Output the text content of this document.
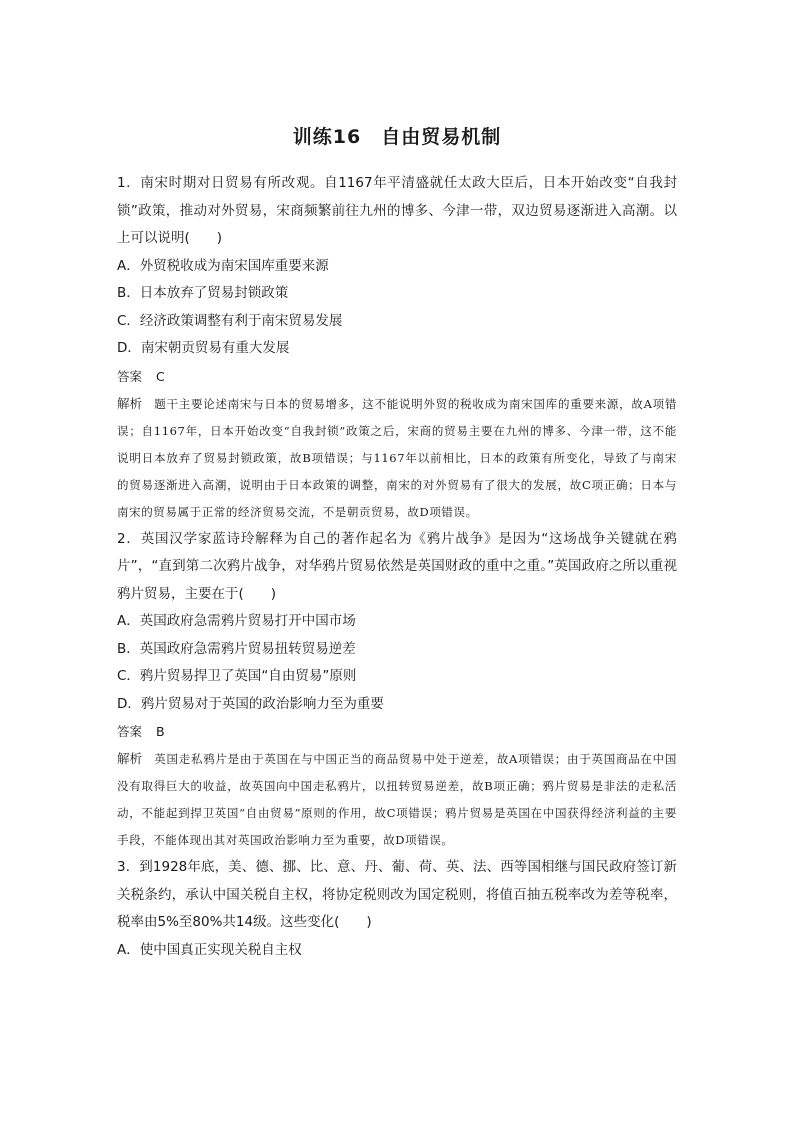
训练16　自由贸易机制

1．南宋时期对日贸易有所改观。自1167年平清盛就任太政大臣后，日本开始改变“自我封锁”政策，推动对外贸易，宋商频繁前往九州的博多、今津一带，双边贸易逐渐进入高潮。以上可以说明(　　)

A．外贸税收成为南宋国库重要来源

B．日本放弃了贸易封锁政策

C．经济政策调整有利于南宋贸易发展

D．南宋朝贡贸易有重大发展

答案 C

解析 题干主要论述南宋与日本的贸易增多，这不能说明外贸的税收成为南宋国库的重要来源，故A项错误；自1167年，日本开始改变“自我封锁”政策之后，宋商的贸易主要在九州的博多、今津一带，这不能说明日本放弃了贸易封锁政策，故B项错误；与1167年以前相比，日本的政策有所变化，导致了与南宋的贸易逐渐进入高潮，说明由于日本政策的调整，南宋的对外贸易有了很大的发展，故C项正确；日本与南宋的贸易属于正常的经济贸易交流，不是朝贡贸易，故D项错误。

2．英国汉学家蓝诗玲解释为自己的著作起名为《鸦片战争》是因为“这场战争关键就在鸦片”，“直到第二次鸦片战争，对华鸦片贸易依然是英国财政的重中之重。”英国政府之所以重视鸦片贸易，主要在于(　　)

A．英国政府急需鸦片贸易打开中国市场

B．英国政府急需鸦片贸易扭转贸易逆差

C．鸦片贸易捍卫了英国“自由贸易”原则

D．鸦片贸易对于英国的政治影响力至为重要

答案 B

解析 英国走私鸦片是由于英国在与中国正当的商品贸易中处于逆差，故A项错误；由于英国商品在中国没有取得巨大的收益，故英国向中国走私鸦片，以扭转贸易逆差，故B项正确；鸦片贸易是非法的走私活动，不能起到捍卫英国“自由贸易”原则的作用，故C项错误；鸦片贸易是英国在中国获得经济利益的主要手段，不能体现出其对英国政治影响力至为重要，故D项错误。

3．到1928年底，美、德、挪、比、意、丹、葡、荷、英、法、西等国相继与国民政府签订新关税条约，承认中国关税自主权，将协定税则改为国定税则，将值百抽五税率改为差等税率，税率由5%至80%共14级。这些变化(　　)

A．使中国真正实现关税自主权
